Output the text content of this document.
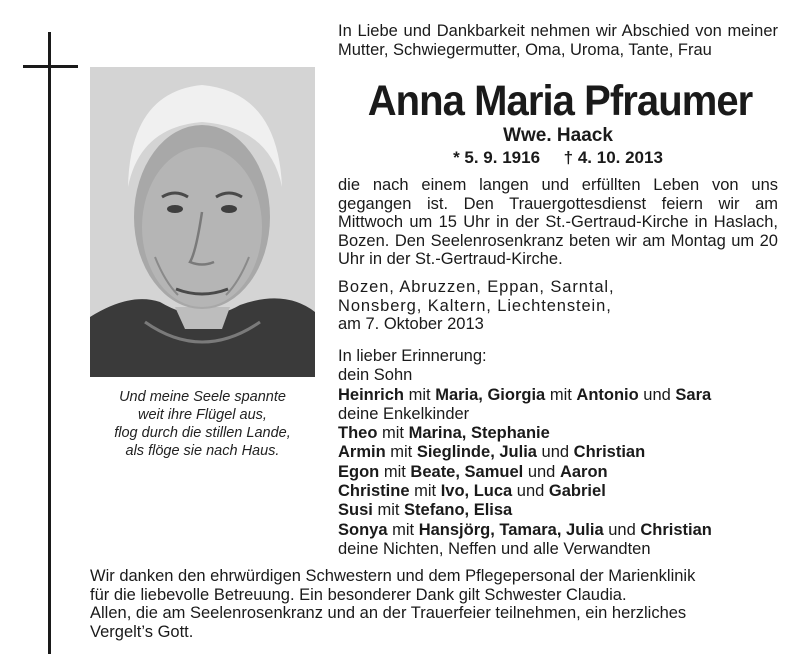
Und meine Seele spannte
weit ihre Flügel aus,
flog durch die stillen Lande,
als flöge sie nach Haus.
In Liebe und Dankbarkeit nehmen wir Abschied von meiner Mutter, Schwiegermutter, Oma, Uroma, Tante, Frau
Anna Maria Pfraumer
Wwe. Haack
* 5. 9. 1916 † 4. 10. 2013
die nach einem langen und erfüllten Leben von uns gegangen ist. Den Trauergottesdienst feiern wir am Mittwoch um 15 Uhr in der St.-Gertraud-Kirche in Haslach, Bozen. Den Seelenrosenkranz beten wir am Montag um 20 Uhr in der St.-Gertraud-Kirche.
Bozen, Abruzzen, Eppan, Sarntal,
Nonsberg, Kaltern, Liechtenstein,
am 7. Oktober 2013
In lieber Erinnerung:
dein Sohn
Heinrich mit Maria, Giorgia mit Antonio und Sara
deine Enkelkinder
Theo mit Marina, Stephanie
Armin mit Sieglinde, Julia und Christian
Egon mit Beate, Samuel und Aaron
Christine mit Ivo, Luca und Gabriel
Susi mit Stefano, Elisa
Sonya mit Hansjörg, Tamara, Julia und Christian
deine Nichten, Neffen und alle Verwandten
Wir danken den ehrwürdigen Schwestern und dem Pflegepersonal der Marienklinik
für die liebevolle Betreuung. Ein besonderer Dank gilt Schwester Claudia.
Allen, die am Seelenrosenkranz und an der Trauerfeier teilnehmen, ein herzliches
Vergelt’s Gott.
